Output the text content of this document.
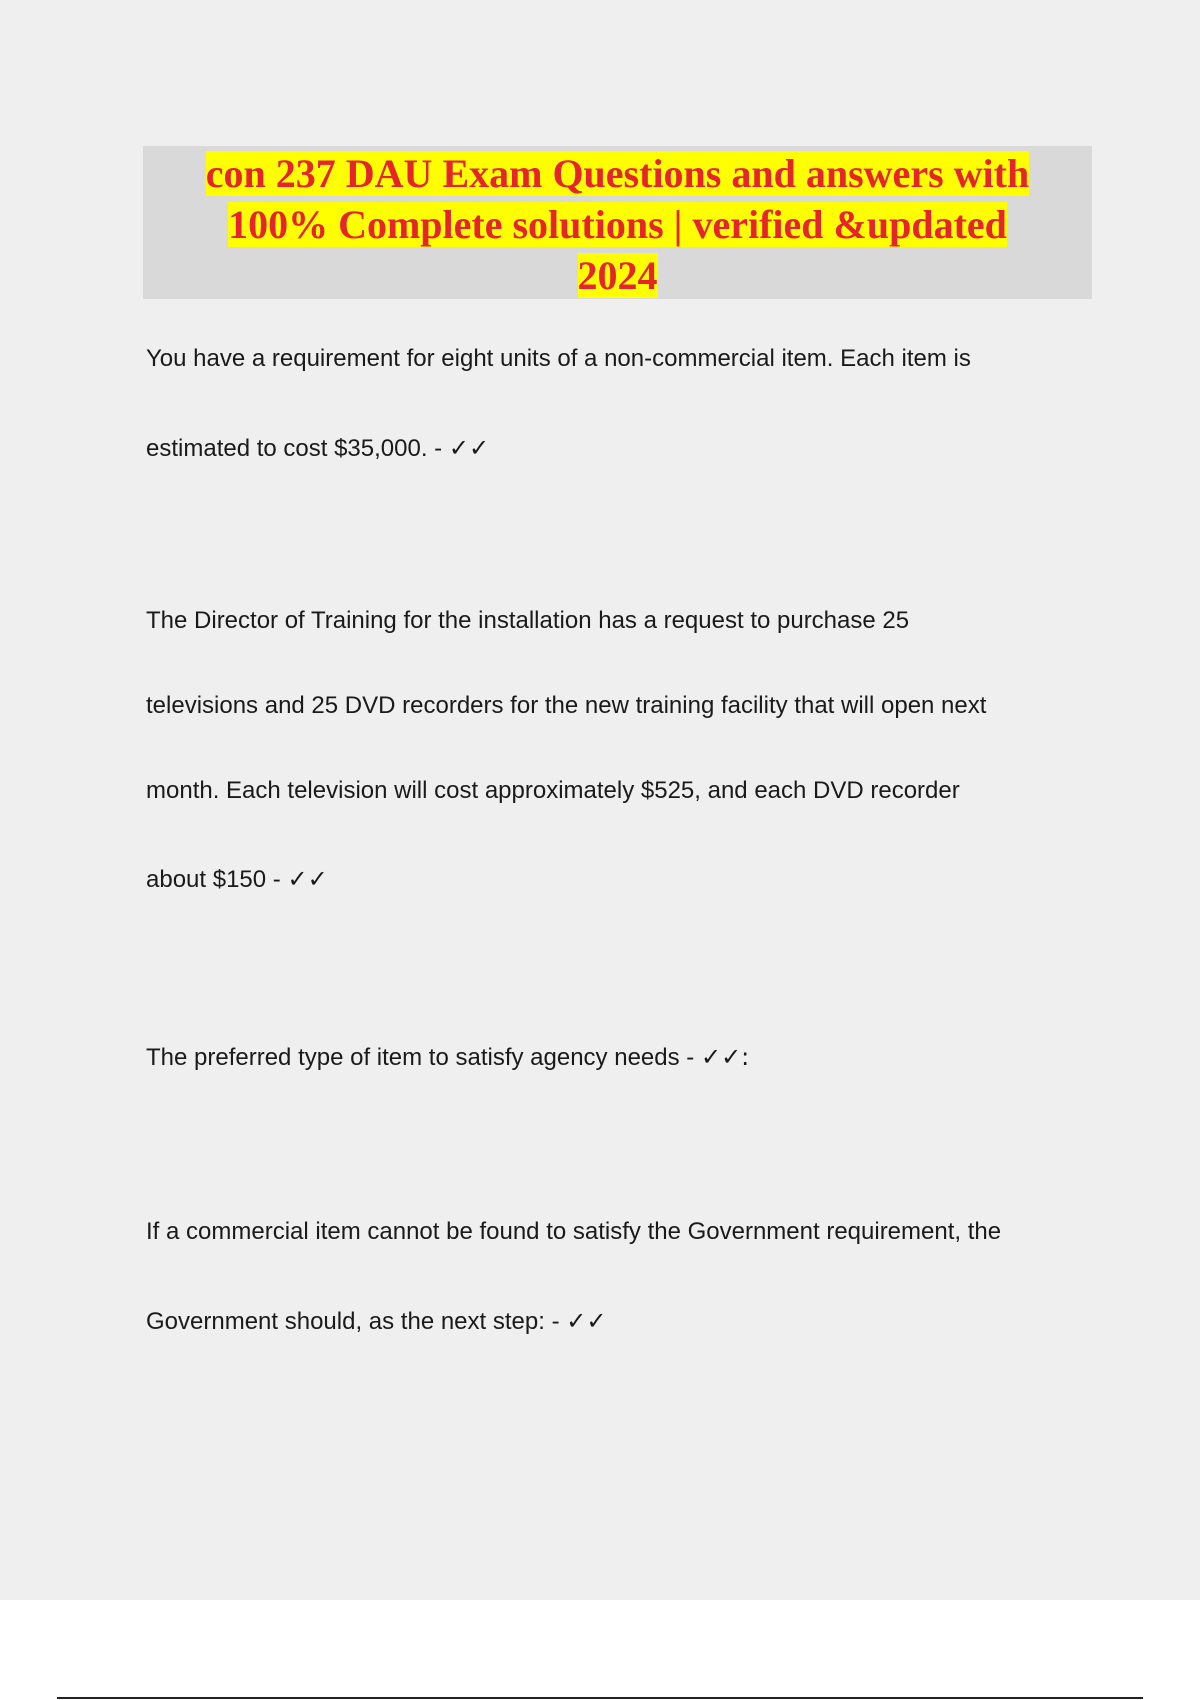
con 237 DAU Exam Questions and answers with
100% Complete solutions | verified &updated
2024
You have a requirement for eight units of a non-commercial item. Each item is
estimated to cost $35,000. - ✓✓
The Director of Training for the installation has a request to purchase 25
televisions and 25 DVD recorders for the new training facility that will open next
month. Each television will cost approximately $525, and each DVD recorder
about $150 - ✓✓
The preferred type of item to satisfy agency needs - ✓✓:
If a commercial item cannot be found to satisfy the Government requirement, the
Government should, as the next step: - ✓✓
